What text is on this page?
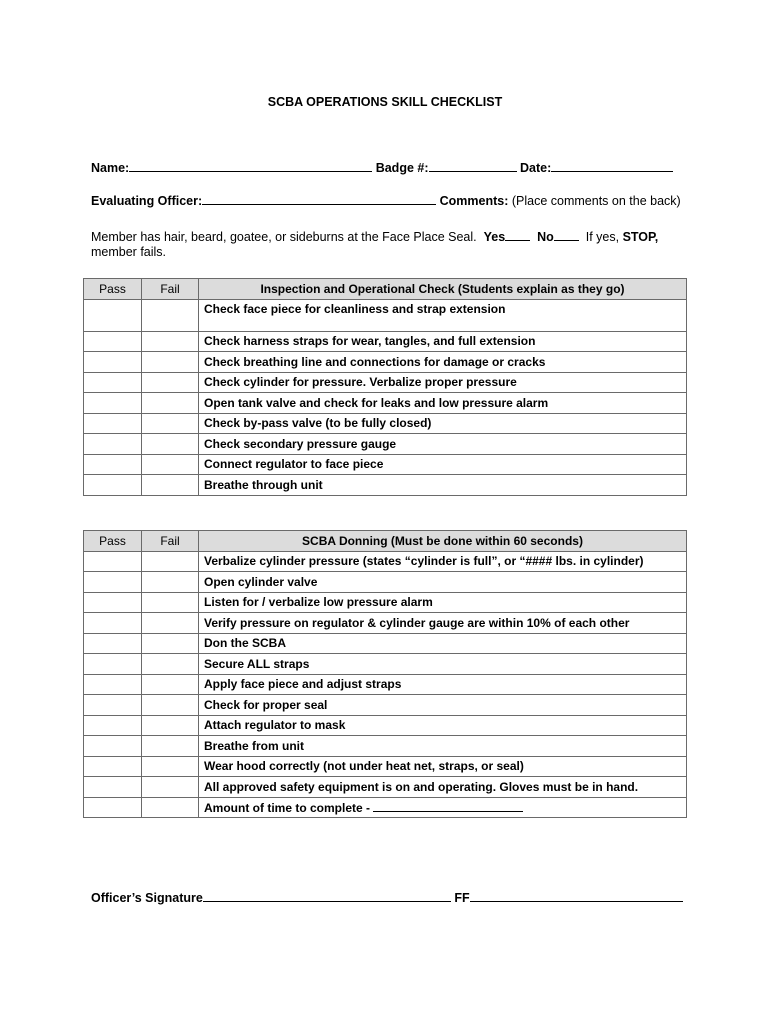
SCBA OPERATIONS SKILL CHECKLIST
Name:	Badge #:	Date:
Evaluating Officer:	Comments: (Place comments on the back)
Member has hair, beard, goatee, or sideburns at the Face Place Seal. Yes	No	If yes, STOP,
member fails.
Pass	Fail	Inspection and Operational Check (Students explain as they go)
		Check face piece for cleanliness and strap extension
		Check harness straps for wear, tangles, and full extension
		Check breathing line and connections for damage or cracks
		Check cylinder for pressure. Verbalize proper pressure
		Open tank valve and check for leaks and low pressure alarm
		Check by-pass valve (to be fully closed)
		Check secondary pressure gauge
		Connect regulator to face piece
		Breathe through unit
Pass	Fail	SCBA Donning (Must be done within 60 seconds)
		Verbalize cylinder pressure (states “cylinder is full”, or “#### lbs. in cylinder)
		Open cylinder valve
		Listen for / verbalize low pressure alarm
		Verify pressure on regulator & cylinder gauge are within 10% of each other
		Don the SCBA
		Secure ALL straps
		Apply face piece and adjust straps
		Check for proper seal
		Attach regulator to mask
		Breathe from unit
		Wear hood correctly (not under heat net, straps, or seal)
		All approved safety equipment is on and operating. Gloves must be in hand.
		Amount of time to complete -
Officer’s Signature	FF
